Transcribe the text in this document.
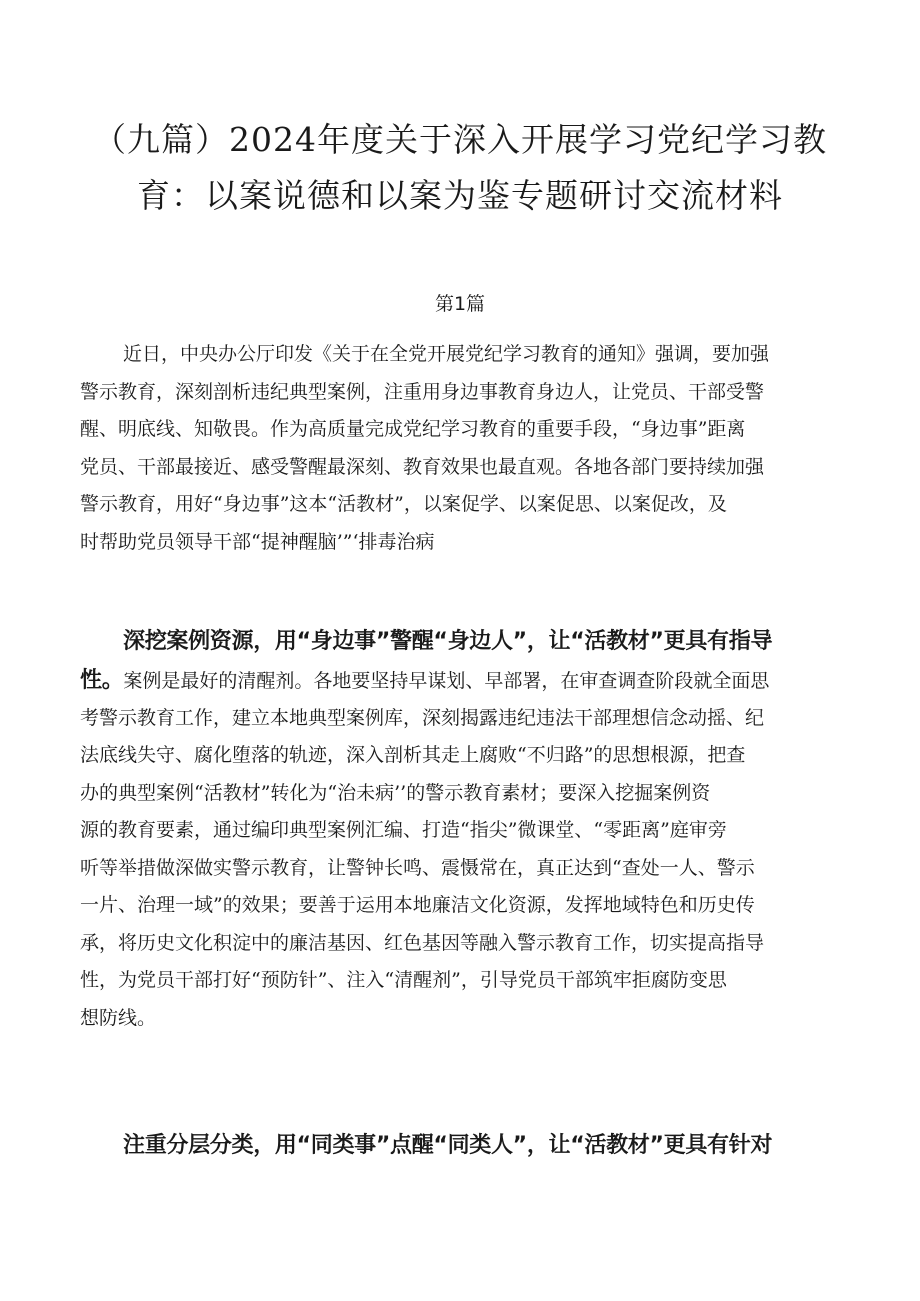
（九篇）2024年度关于深入开展学习党纪学习教
育：以案说德和以案为鉴专题研讨交流材料
第1篇
近日，中央办公厅印发《关于在全党开展党纪学习教育的通知》强调，要加强
警示教育，深刻剖析违纪典型案例，注重用身边事教育身边人，让党员、干部受警
醒、明底线、知敬畏。作为高质量完成党纪学习教育的重要手段，“身边事”距离
党员、干部最接近、感受警醒最深刻、教育效果也最直观。各地各部门要持续加强
警示教育，用好“身边事”这本“活教材”，以案促学、以案促思、以案促改，及
时帮助党员领导干部“提神醒脑’”‘排毒治病
深挖案例资源，用“身边事”警醒“身边人”，让“活教材”更具有指导
性。案例是最好的清醒剂。各地要坚持早谋划、早部署，在审查调查阶段就全面思
考警示教育工作，建立本地典型案例库，深刻揭露违纪违法干部理想信念动摇、纪
法底线失守、腐化堕落的轨迹，深入剖析其走上腐败“不归路”的思想根源，把查
办的典型案例“活教材”转化为“治未病’’的警示教育素材；要深入挖掘案例资
源的教育要素，通过编印典型案例汇编、打造“指尖”微课堂、“零距离”庭审旁
听等举措做深做实警示教育，让警钟长鸣、震慑常在，真正达到“查处一人、警示
一片、治理一域”的效果；要善于运用本地廉洁文化资源，发挥地域特色和历史传
承，将历史文化积淀中的廉洁基因、红色基因等融入警示教育工作，切实提高指导
性，为党员干部打好“预防针”、注入“清醒剂”，引导党员干部筑牢拒腐防变思
想防线。
注重分层分类，用“同类事”点醒“同类人”，让“活教材”更具有针对
